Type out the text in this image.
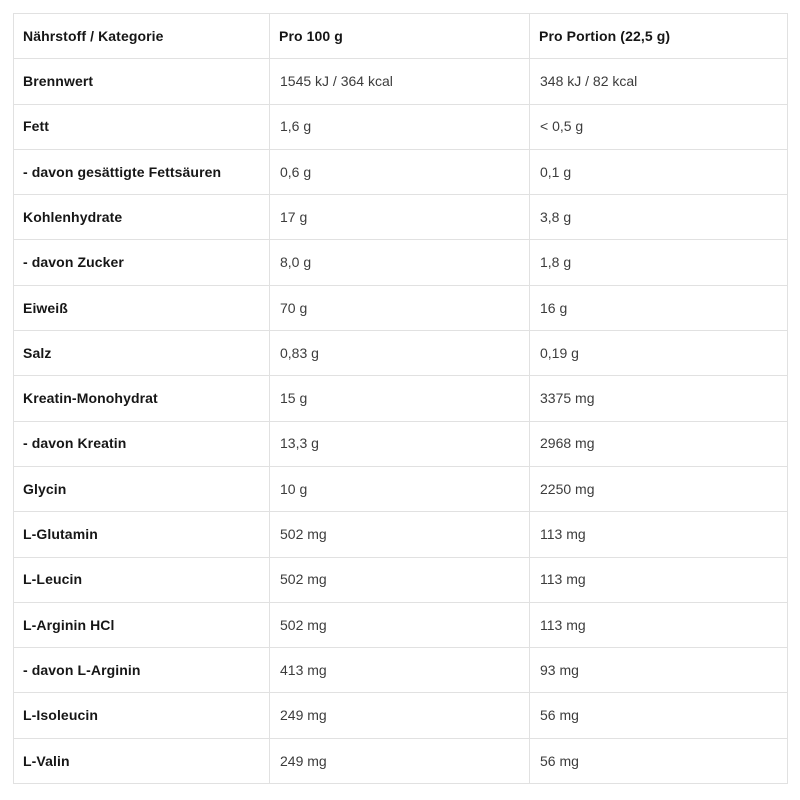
Nährstoff / Kategorie	Pro 100 g	Pro Portion (22,5 g)
Brennwert	1545 kJ / 364 kcal	348 kJ / 82 kcal
Fett	1,6 g	< 0,5 g
- davon gesättigte Fettsäuren	0,6 g	0,1 g
Kohlenhydrate	17 g	3,8 g
- davon Zucker	8,0 g	1,8 g
Eiweiß	70 g	16 g
Salz	0,83 g	0,19 g
Kreatin-Monohydrat	15 g	3375 mg
- davon Kreatin	13,3 g	2968 mg
Glycin	10 g	2250 mg
L-Glutamin	502 mg	113 mg
L-Leucin	502 mg	113 mg
L-Arginin HCl	502 mg	113 mg
- davon L-Arginin	413 mg	93 mg
L-Isoleucin	249 mg	56 mg
L-Valin	249 mg	56 mg
